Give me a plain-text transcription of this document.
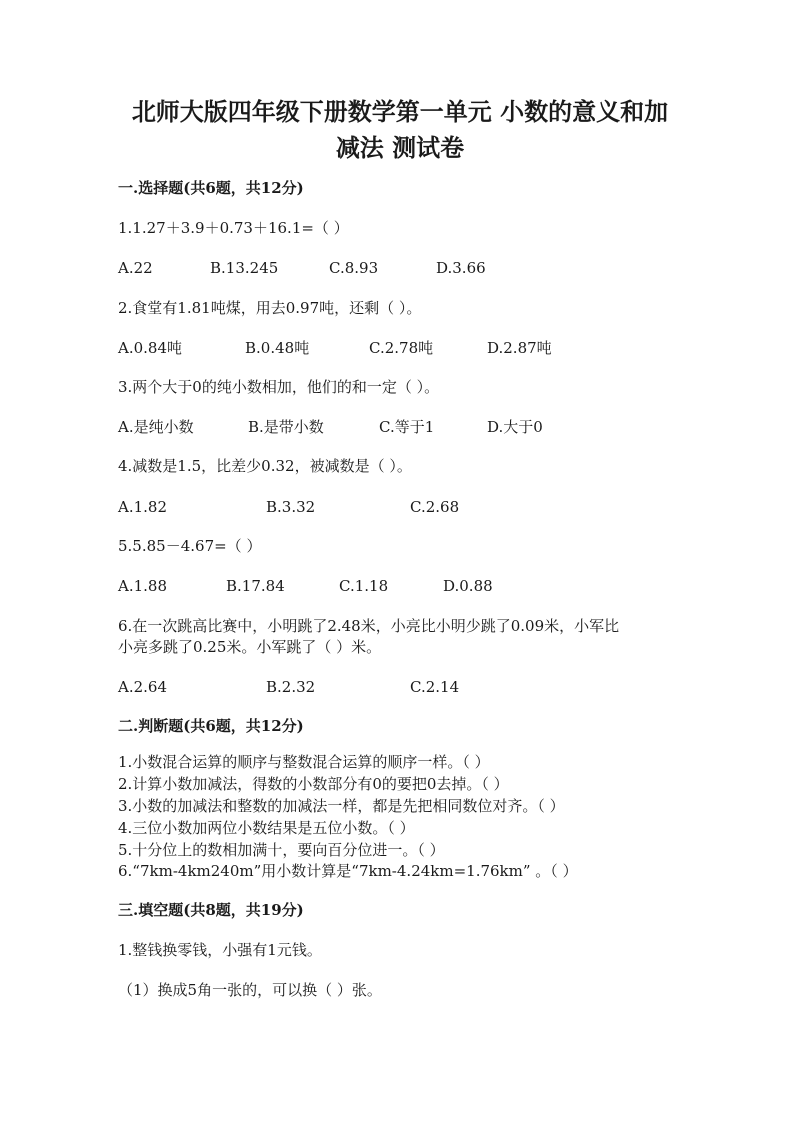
北师大版四年级下册数学第一单元 小数的意义和加
减法 测试卷
一.选择题(共6题，共12分)
1.1.27＋3.9＋0.73＋16.1=（ ）
A.22	B.13.245	C.8.93	D.3.66
2.食堂有1.81吨煤，用去0.97吨，还剩（ ）。
A.0.84吨	B.0.48吨	C.2.78吨	D.2.87吨
3.两个大于0的纯小数相加，他们的和一定（ ）。
A.是纯小数	B.是带小数	C.等于1	D.大于0
4.减数是1.5，比差少0.32，被减数是（ ）。
A.1.82	B.3.32	C.2.68
5.5.85－4.67=（ ）
A.1.88	B.17.84	C.1.18	D.0.88
6.在一次跳高比赛中，小明跳了2.48米，小亮比小明少跳了0.09米，小军比
小亮多跳了0.25米。小军跳了（ ）米。
A.2.64	B.2.32	C.2.14
二.判断题(共6题，共12分)
1.小数混合运算的顺序与整数混合运算的顺序一样。（ ）
2.计算小数加减法，得数的小数部分有0的要把0去掉。（ ）
3.小数的加减法和整数的加减法一样，都是先把相同数位对齐。（ ）
4.三位小数加两位小数结果是五位小数。（ ）
5.十分位上的数相加满十，要向百分位进一。（ ）
6.“7km-4km240m”用小数计算是“7km-4.24km=1.76km” 。（ ）
三.填空题(共8题，共19分)
1.整钱换零钱，小强有1元钱。
（1）换成5角一张的，可以换（ ）张。
